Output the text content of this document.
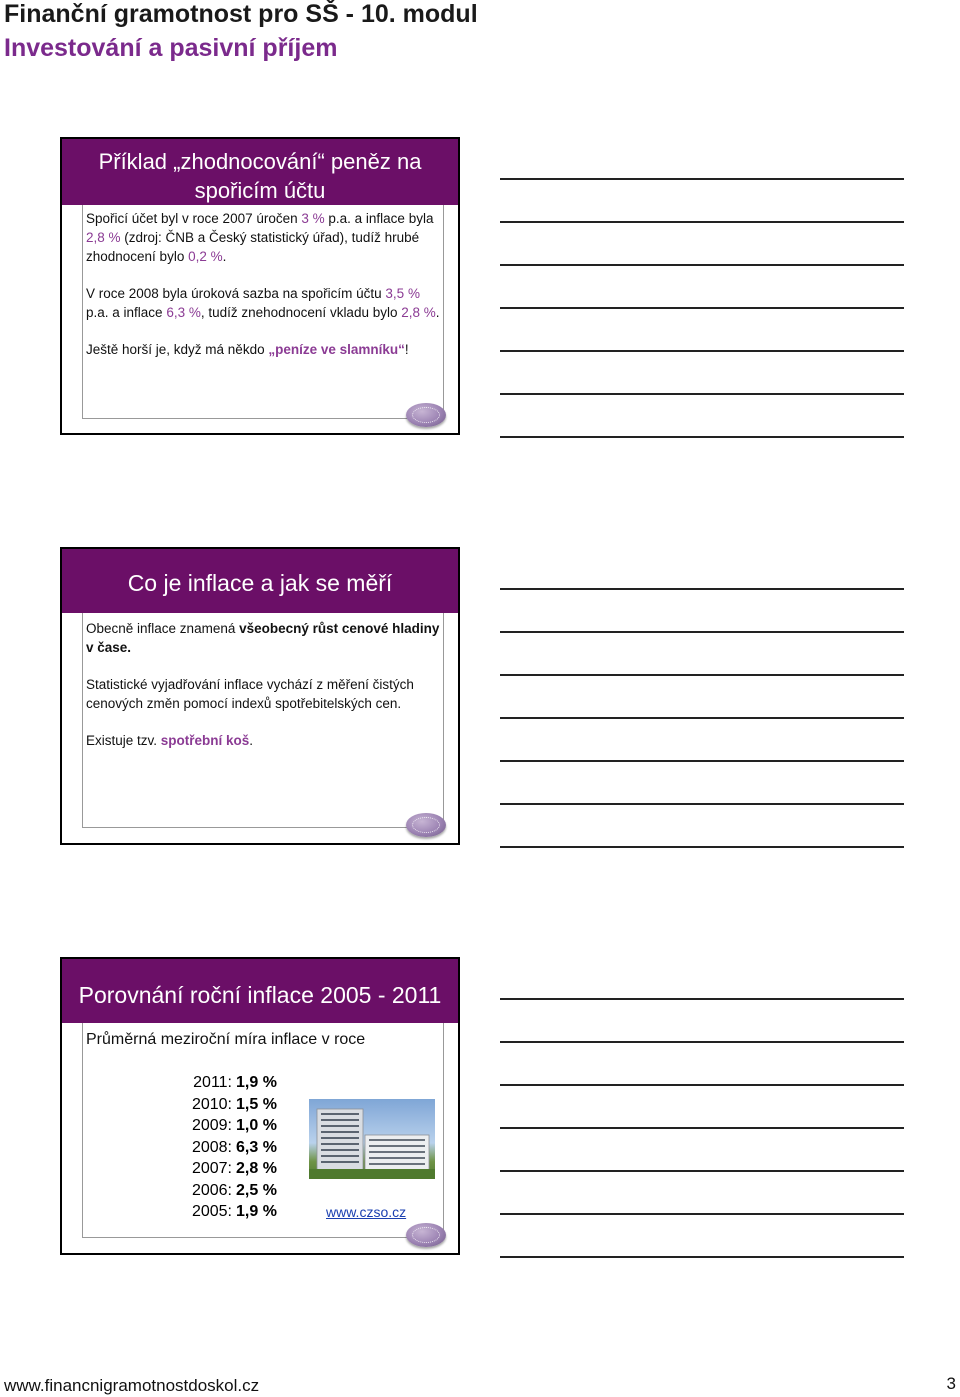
Finanční gramotnost pro SŠ - 10. modul
Investování a pasivní příjem
Příklad „zhodnocování“ peněz na
spořicím účtu

Spořicí účet byl v roce 2007 úročen 3 % p.a. a inflace byla 2,8 % (zdroj: ČNB a Český statistický úřad), tudíž hrubé zhodnocení bylo 0,2 %.

V roce 2008 byla úroková sazba na spořicím účtu 3,5 % p.a. a inflace 6,3 %, tudíž znehodnocení vkladu bylo 2,8 %.

Ještě horší je, když má někdo „peníze ve slamníku“!

Co je inflace a jak se měří

Obecně inflace znamená všeobecný růst cenové hladiny v čase.

Statistické vyjadřování inflace vychází z měření čistých cenových změn pomocí indexů spotřebitelských cen.

Existuje tzv. spotřební koš.

Porovnání roční inflace 2005 - 2011
Průměrná meziroční míra inflace v roce
2011: 1,9 %
2010: 1,5 %
2009: 1,0 %
2008: 6,3 %
2007: 2,8 %
2006: 2,5 %
2005: 1,9 %	www.czso.cz
www.financnigramotnostdoskol.cz	3
